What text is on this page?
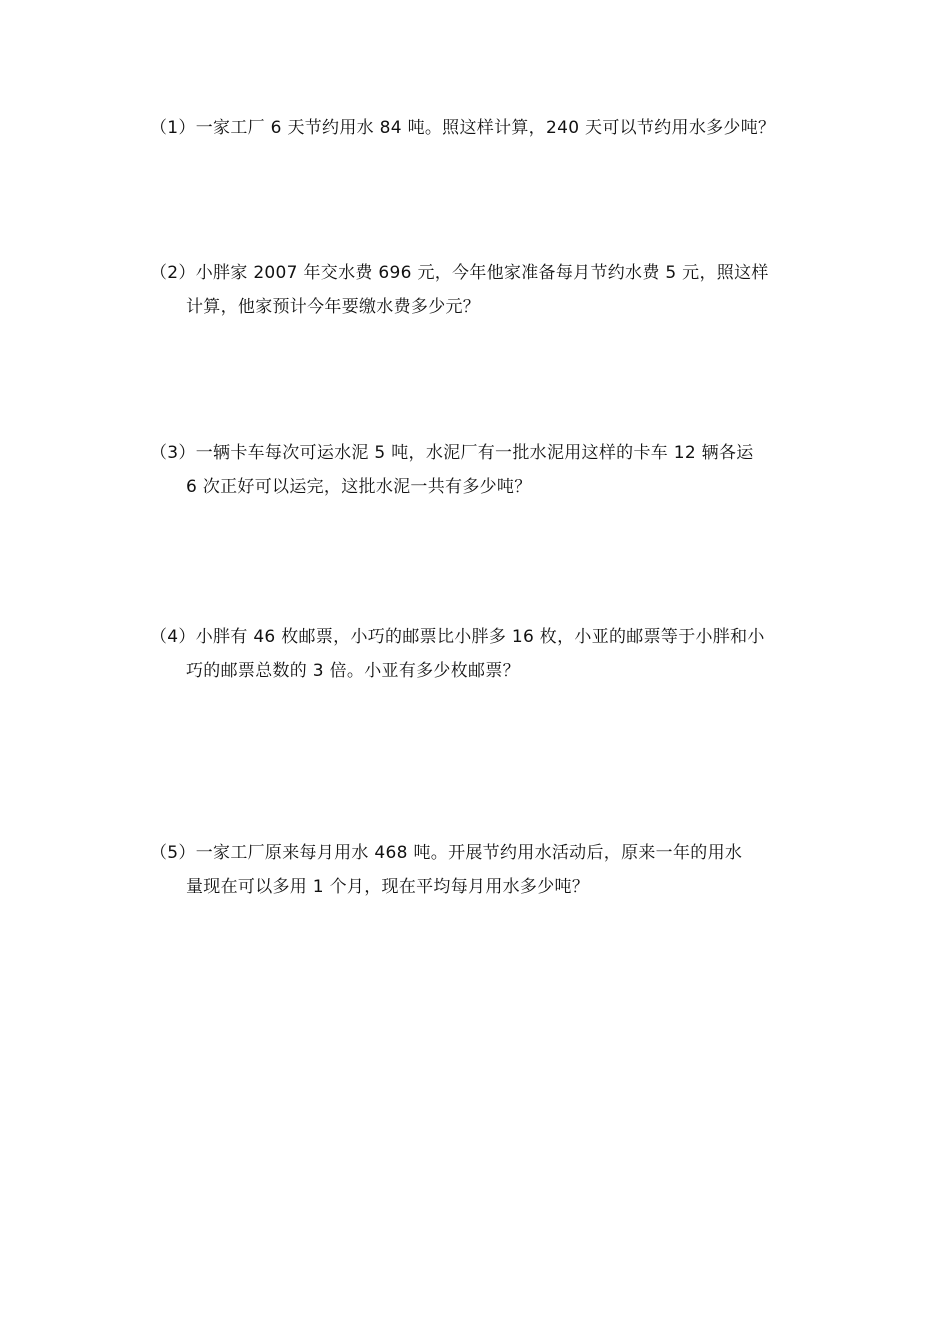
（1）一家工厂 6 天节约用水 84 吨。照这样计算，240 天可以节约用水多少吨？
（2）小胖家 2007 年交水费 696 元，今年他家准备每月节约水费 5 元，照这样
计算，他家预计今年要缴水费多少元？
（3）一辆卡车每次可运水泥 5 吨，水泥厂有一批水泥用这样的卡车 12 辆各运
6 次正好可以运完，这批水泥一共有多少吨？
（4）小胖有 46 枚邮票，小巧的邮票比小胖多 16 枚，小亚的邮票等于小胖和小
巧的邮票总数的 3 倍。小亚有多少枚邮票？
（5）一家工厂原来每月用水 468 吨。开展节约用水活动后，原来一年的用水
量现在可以多用 1 个月，现在平均每月用水多少吨？
